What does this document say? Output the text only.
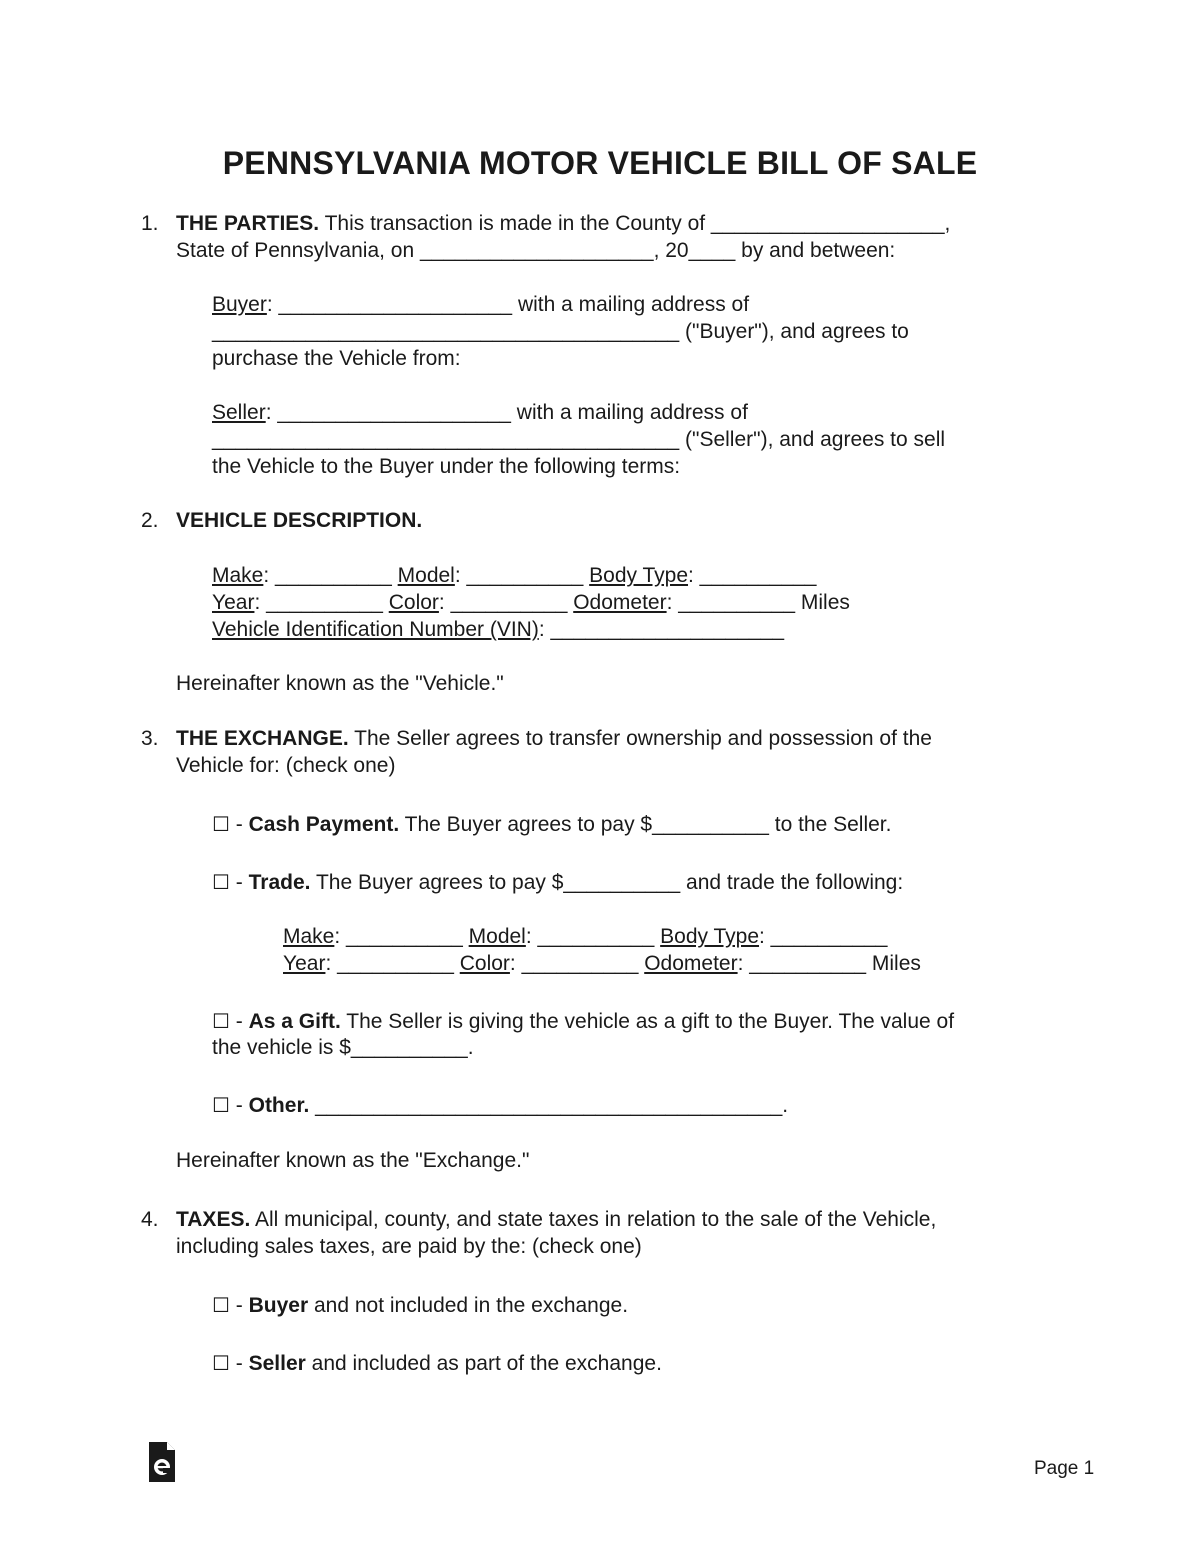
PENNSYLVANIA MOTOR VEHICLE BILL OF SALE
1. THE PARTIES. This transaction is made in the County of ____________________,
State of Pennsylvania, on ____________________, 20____ by and between:
Buyer: ____________________ with a mailing address of
________________________________________ ("Buyer"), and agrees to
purchase the Vehicle from:
Seller: ____________________ with a mailing address of
________________________________________ ("Seller"), and agrees to sell
the Vehicle to the Buyer under the following terms:
2. VEHICLE DESCRIPTION.
Make: __________ Model: __________ Body Type: __________
Year: __________ Color: __________ Odometer: __________ Miles
Vehicle Identification Number (VIN): ____________________
Hereinafter known as the "Vehicle."
3. THE EXCHANGE. The Seller agrees to transfer ownership and possession of the
Vehicle for: (check one)
☐ - Cash Payment. The Buyer agrees to pay $__________ to the Seller.
☐ - Trade. The Buyer agrees to pay $__________ and trade the following:
Make: __________ Model: __________ Body Type: __________
Year: __________ Color: __________ Odometer: __________ Miles
☐ - As a Gift. The Seller is giving the vehicle as a gift to the Buyer. The value of
the vehicle is $__________.
☐ - Other. ________________________________________.
Hereinafter known as the "Exchange."
4. TAXES. All municipal, county, and state taxes in relation to the sale of the Vehicle,
including sales taxes, are paid by the: (check one)
☐ - Buyer and not included in the exchange.
☐ - Seller and included as part of the exchange.
Page 1
